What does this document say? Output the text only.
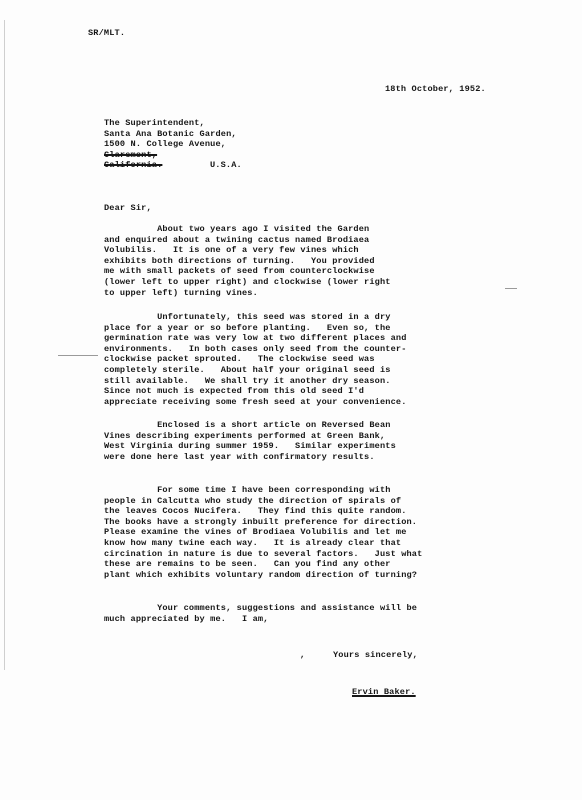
SR/MLT.
18th October, 1952.
The Superintendent,
Santa Ana Botanic Garden,
1500 N. College Avenue,
Claremont,
California.	U.S.A.
Dear Sir,
About two years ago I visited the Garden
and enquired about a twining cactus named Brodiaea
Volubilis.   It is one of a very few vines which
exhibits both directions of turning.   You provided
me with small packets of seed from counterclockwise
(lower left to upper right) and clockwise (lower right
to upper left) turning vines.
Unfortunately, this seed was stored in a dry
place for a year or so before planting.   Even so, the
germination rate was very low at two different places and
environments.   In both cases only seed from the counter-
clockwise packet sprouted.   The clockwise seed was
completely sterile.   About half your original seed is
still available.   We shall try it another dry season.
Since not much is expected from this old seed I'd
appreciate receiving some fresh seed at your convenience.
Enclosed is a short article on Reversed Bean
Vines describing experiments performed at Green Bank,
West Virginia during summer 1959.   Similar experiments
were done here last year with confirmatory results.
For some time I have been corresponding with
people in Calcutta who study the direction of spirals of
the leaves Cocos Nucifera.   They find this quite random.
The books have a strongly inbuilt preference for direction.
Please examine the vines of Brodiaea Volubilis and let me
know how many twine each way.   It is already clear that
circination in nature is due to several factors.   Just what
these are remains to be seen.   Can you find any other
plant which exhibits voluntary random direction of turning?
Your comments, suggestions and assistance will be
much appreciated by me.   I am,
,	Yours sincerely,
Ervin Baker.
